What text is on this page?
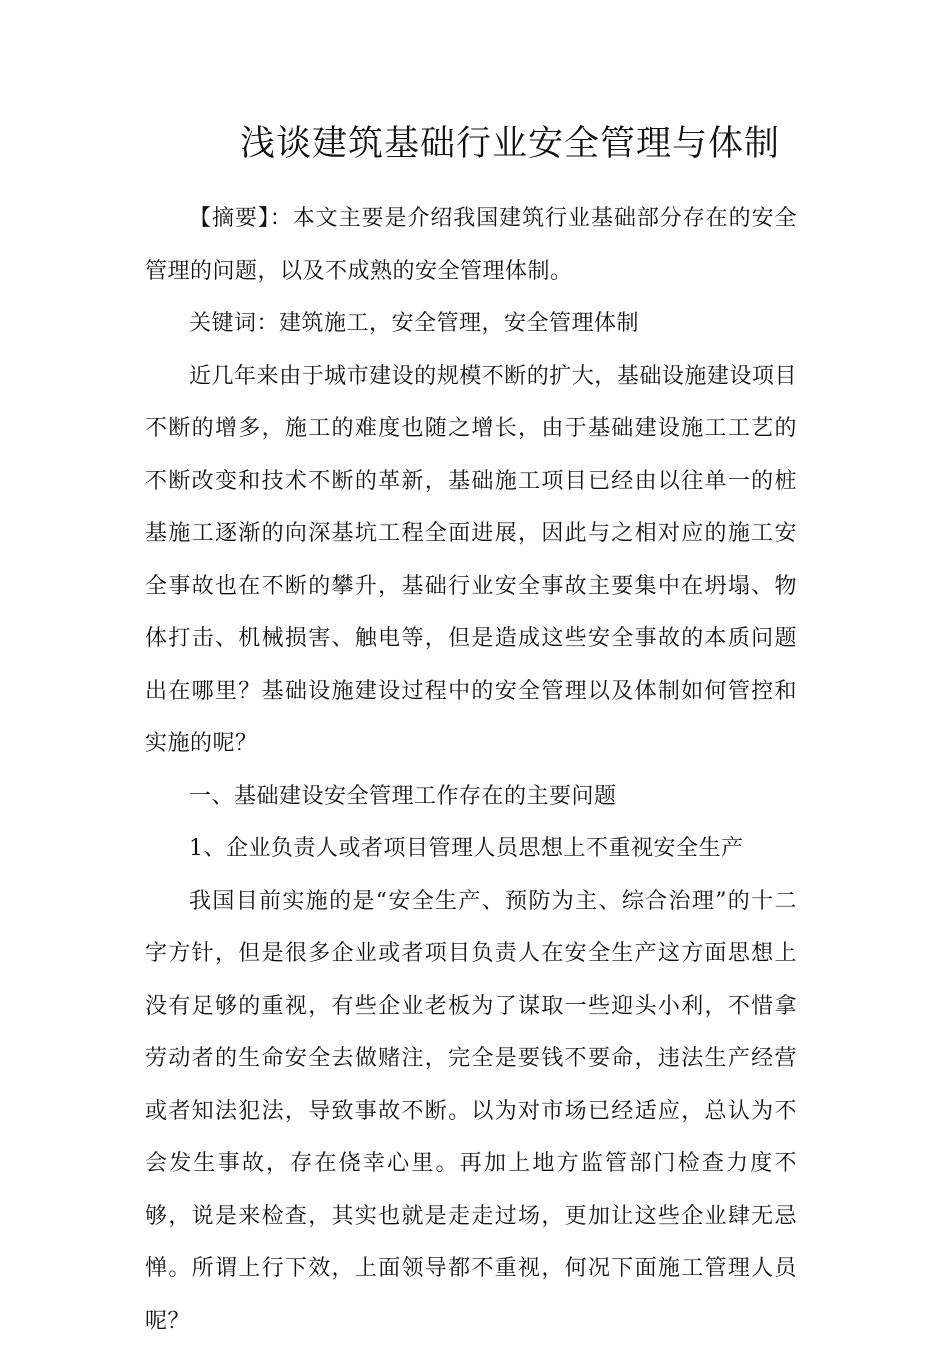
浅谈建筑基础行业安全管理与体制

【摘要】：本文主要是介绍我国建筑行业基础部分存在的安全管理的问题，以及不成熟的安全管理体制。

关键词：建筑施工，安全管理，安全管理体制

近几年来由于城市建设的规模不断的扩大，基础设施建设项目不断的增多，施工的难度也随之增长，由于基础建设施工工艺的不断改变和技术不断的革新，基础施工项目已经由以往单一的桩基施工逐渐的向深基坑工程全面进展，因此与之相对应的施工安全事故也在不断的攀升，基础行业安全事故主要集中在坍塌、物体打击、机械损害、触电等，但是造成这些安全事故的本质问题出在哪里？基础设施建设过程中的安全管理以及体制如何管控和实施的呢？

一、基础建设安全管理工作存在的主要问题

1、企业负责人或者项目管理人员思想上不重视安全生产

我国目前实施的是“安全生产、预防为主、综合治理”的十二字方针，但是很多企业或者项目负责人在安全生产这方面思想上没有足够的重视，有些企业老板为了谋取一些迎头小利，不惜拿劳动者的生命安全去做赌注，完全是要钱不要命，违法生产经营或者知法犯法，导致事故不断。以为对市场已经适应，总认为不会发生事故，存在侥幸心里。再加上地方监管部门检查力度不够，说是来检查，其实也就是走走过场，更加让这些企业肆无忌惮。所谓上行下效，上面领导都不重视，何况下面施工管理人员呢？
